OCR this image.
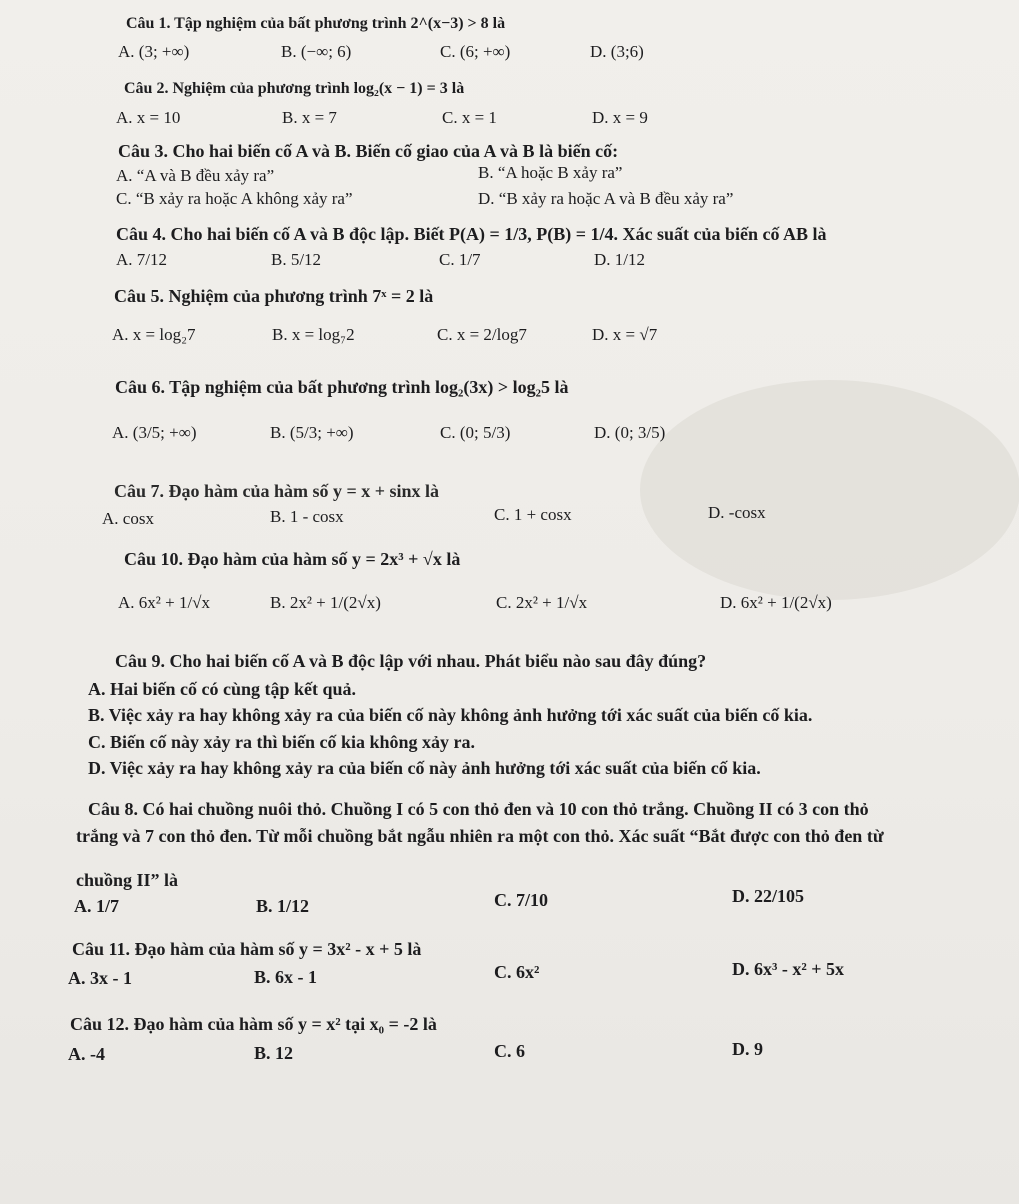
Câu 1. Tập nghiệm của bất phương trình 2^(x−3) > 8 là
A. (3; +∞)	B. (−∞; 6)	C. (6; +∞)	D. (3;6)
Câu 2. Nghiệm của phương trình log₂(x − 1) = 3 là
A. x = 10	B. x = 7	C. x = 1	D. x = 9
Câu 3. Cho hai biến cố A và B. Biến cố giao của A và B là biến cố:
A. “A và B đều xảy ra”	B. “A hoặc B xảy ra”
C. “B xảy ra hoặc A không xảy ra”	D. “B xảy ra hoặc A và B đều xảy ra”
Câu 4. Cho hai biến cố A và B độc lập. Biết P(A) = 1/3, P(B) = 1/4. Xác suất của biến cố AB là
A. 7/12	B. 5/12	C. 1/7	D. 1/12
Câu 5. Nghiệm của phương trình 7ˣ = 2 là
A. x = log₂7	B. x = log₇2	C. x = 2/log7	D. x = √7
Câu 6. Tập nghiệm của bất phương trình log₂(3x) > log₂5 là
A. (3/5; +∞)	B. (5/3; +∞)	C. (0; 5/3)	D. (0; 3/5)
Câu 7. Đạo hàm của hàm số y = x + sinx là
A. cosx	B. 1 - cosx	C. 1 + cosx	D. -cosx
Câu 10. Đạo hàm của hàm số y = 2x³ + √x là
A. 6x² + 1/√x	B. 2x² + 1/(2√x)	C. 2x² + 1/√x	D. 6x² + 1/(2√x)
Câu 9. Cho hai biến cố A và B độc lập với nhau. Phát biểu nào sau đây đúng?
A. Hai biến cố có cùng tập kết quả.
B. Việc xảy ra hay không xảy ra của biến cố này không ảnh hưởng tới xác suất của biến cố kia.
C. Biến cố này xảy ra thì biến cố kia không xảy ra.
D. Việc xảy ra hay không xảy ra của biến cố này ảnh hưởng tới xác suất của biến cố kia.
Câu 8. Có hai chuồng nuôi thỏ. Chuồng I có 5 con thỏ đen và 10 con thỏ trắng. Chuồng II có 3 con thỏ
trắng và 7 con thỏ đen. Từ mỗi chuồng bắt ngẫu nhiên ra một con thỏ. Xác suất “Bắt được con thỏ đen từ
chuồng II” là
A. 1/7	B. 1/12	C. 7/10	D. 22/105
Câu 11. Đạo hàm của hàm số y = 3x² - x + 5 là
A. 3x - 1	B. 6x - 1	C. 6x²	D. 6x³ - x² + 5x
Câu 12. Đạo hàm của hàm số y = x² tại x₀ = -2 là
A. -4	B. 12	C. 6	D. 9
